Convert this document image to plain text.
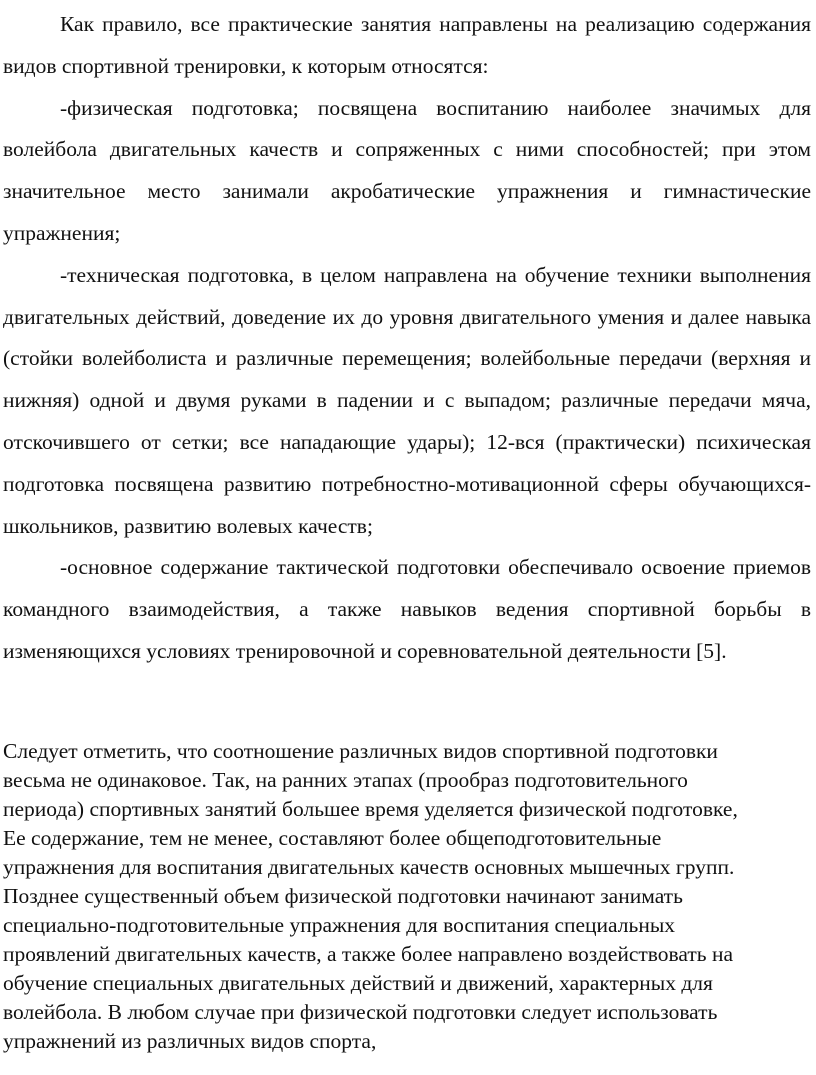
Как правило, все практические занятия направлены на реализацию содержания видов спортивной тренировки, к которым относятся:

-физическая подготовка; посвящена воспитанию наиболее значимых для волейбола двигательных качеств и сопряженных с ними способностей; при этом значительное место занимали акробатические упражнения и гимнастические упражнения;

-техническая подготовка, в целом направлена на обучение техники выполнения двигательных действий, доведение их до уровня двигательного умения и далее навыка (стойки волейболиста и различные перемещения; волейбольные передачи (верхняя и нижняя) одной и двумя руками в падении и с выпадом; различные передачи мяча, отскочившего от сетки; все нападающие удары); 12-вся (практически) психическая подготовка посвящена развитию потребностно-мотивационной сферы обучающихся-школьников, развитию волевых качеств;

-основное содержание тактической подготовки обеспечивало освоение приемов командного взаимодействия, а также навыков ведения спортивной борьбы в изменяющихся условиях тренировочной и соревновательной деятельности [5].

Следует отметить, что соотношение различных видов спортивной подготовки

весьма не одинаковое. Так, на ранних этапах (прообраз подготовительного

периода) спортивных занятий большее время уделяется физической подготовке,

Ее содержание, тем не менее, составляют более общеподготовительные

упражнения для воспитания двигательных качеств основных мышечных групп.

Позднее существенный объем физической подготовки начинают занимать

специально-подготовительные упражнения для воспитания специальных

проявлений двигательных качеств, а также более направлено воздействовать на

обучение специальных двигательных действий и движений, характерных для

волейбола. В любом случае при физической подготовки следует использовать

упражнений из различных видов спорта,
